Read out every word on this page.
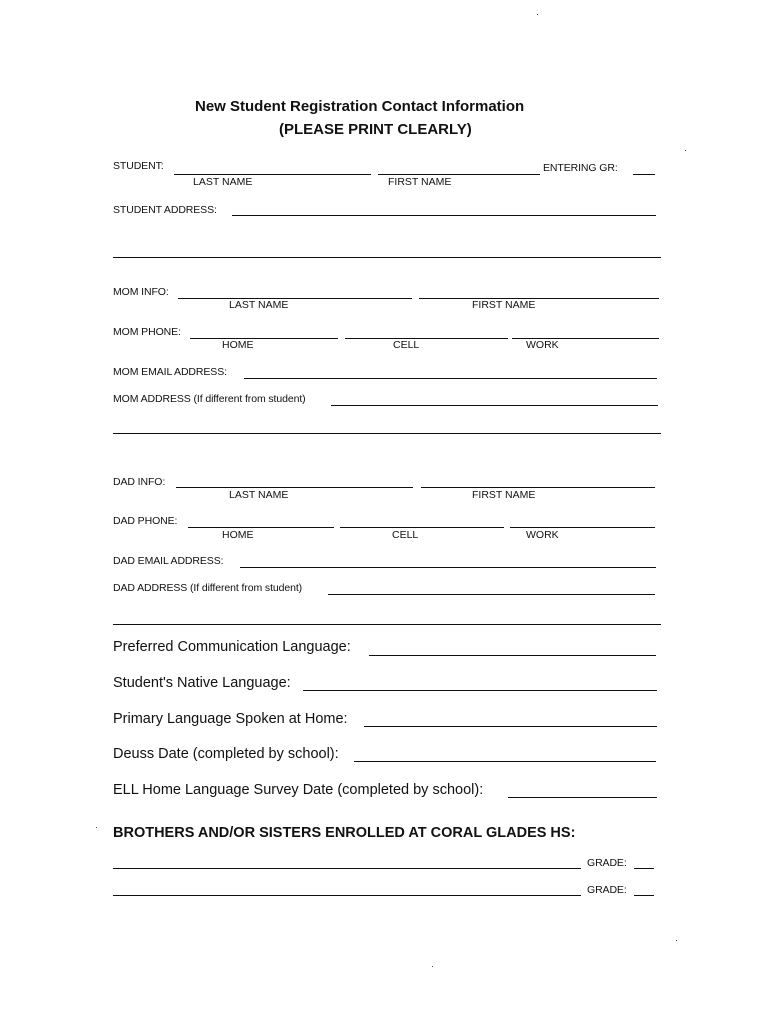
New Student Registration Contact Information
(PLEASE PRINT CLEARLY)
STUDENT:	ENTERING GR:
LAST NAME	FIRST NAME
STUDENT ADDRESS:
MOM INFO:
LAST NAME	FIRST NAME
MOM PHONE:
HOME	CELL	WORK
MOM EMAIL ADDRESS:
MOM ADDRESS (If different from student)
DAD INFO:
LAST NAME	FIRST NAME
DAD PHONE:
HOME	CELL	WORK
DAD EMAIL ADDRESS:
DAD ADDRESS (If different from student)
Preferred Communication Language:
Student's Native Language:
Primary Language Spoken at Home:
Deuss Date (completed by school):
ELL Home Language Survey Date (completed by school):
BROTHERS AND/OR SISTERS ENROLLED AT CORAL GLADES HS:
GRADE:
GRADE:
